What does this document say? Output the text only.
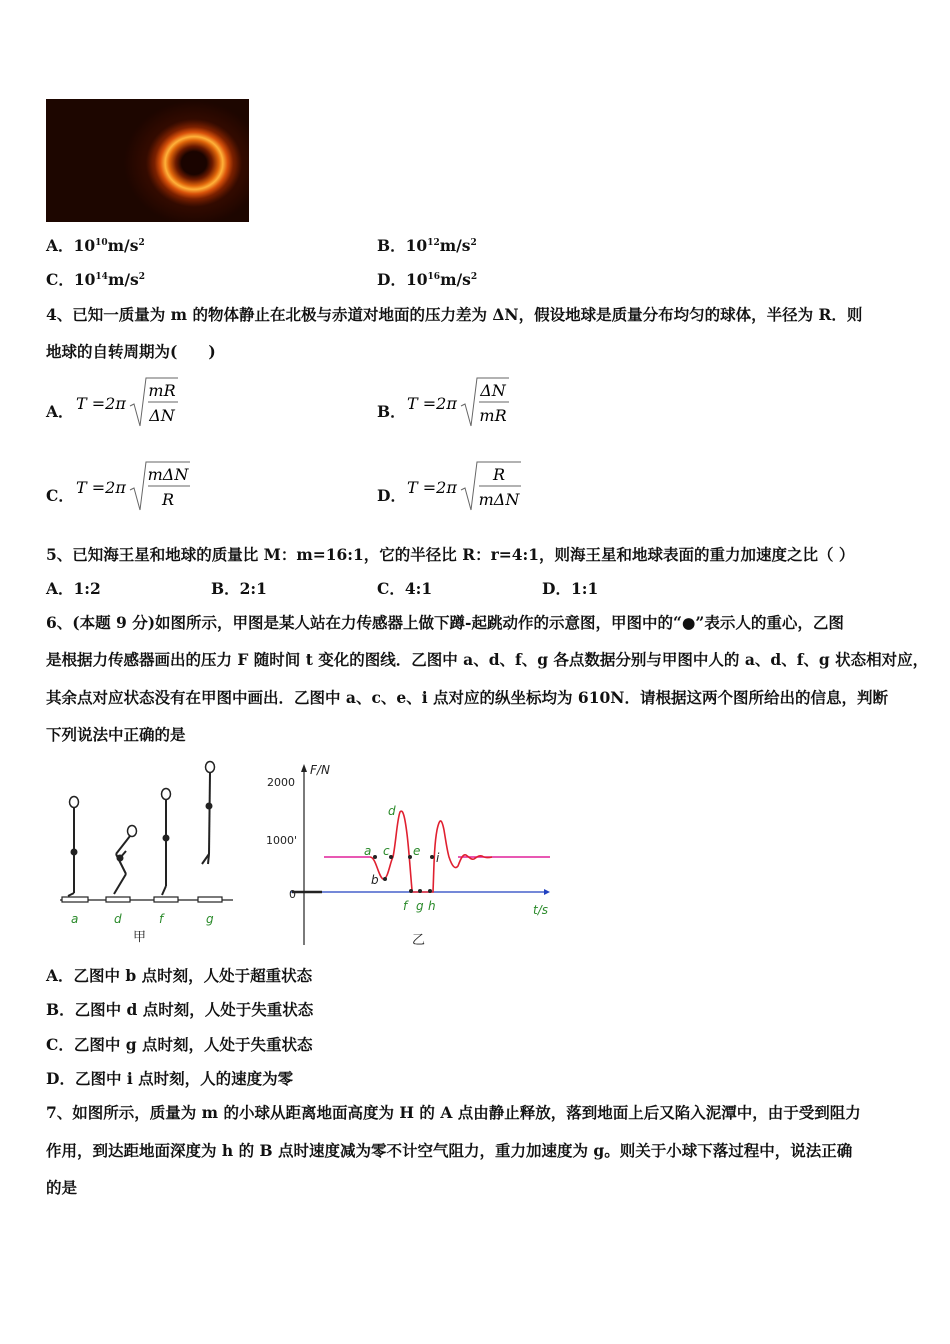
A．$10^{10}m/s^2$	B．$10^{12}m/s^2$
C．$10^{14}m/s^2$	D．$10^{16}m/s^2$
4、已知一质量为 m 的物体静止在北极与赤道对地面的压力差为 ΔN，假设地球是质量分布均匀的球体，半径为 R．则
地球的自转周期为(　　)
A． T =2π
mR
ΔN	B． T =2π
ΔN
mR
C． T =2π
mΔN
R	D． T =2π
R
mΔN
5、已知海王星和地球的质量比 M：m=16:1，它的半径比 R：r=4:1，则海王星和地球表面的重力加速度之比（ ）
A．1:2	B．2:1	C．4:1	D．1:1
6、(本题 9 分)如图所示，甲图是某人站在力传感器上做下蹲-起跳动作的示意图，甲图中的“●”表示人的重心，乙图
是根据力传感器画出的压力 F 随时间 t 变化的图线．乙图中 a、d、f、g 各点数据分别与甲图中人的 a、d、f、g 状态相对应，
其余点对应状态没有在甲图中画出．乙图中 a、c、e、i 点对应的纵坐标均为 610N．请根据这两个图所给出的信息，判断
下列说法中正确的是
a	d	f	g
甲
F/N
2000
1000'
0
t/s
a
b
c
d
e i
f g h
乙
A．乙图中 b 点时刻，人处于超重状态
B．乙图中 d 点时刻，人处于失重状态
C．乙图中 g 点时刻，人处于失重状态
D．乙图中 i 点时刻，人的速度为零
7、如图所示，质量为 m 的小球从距离地面高度为 H 的 A 点由静止释放，落到地面上后又陷入泥潭中，由于受到阻力
作用，到达距地面深度为 h 的 B 点时速度减为零不计空气阻力，重力加速度为 g。则关于小球下落过程中，说法正确
的是
